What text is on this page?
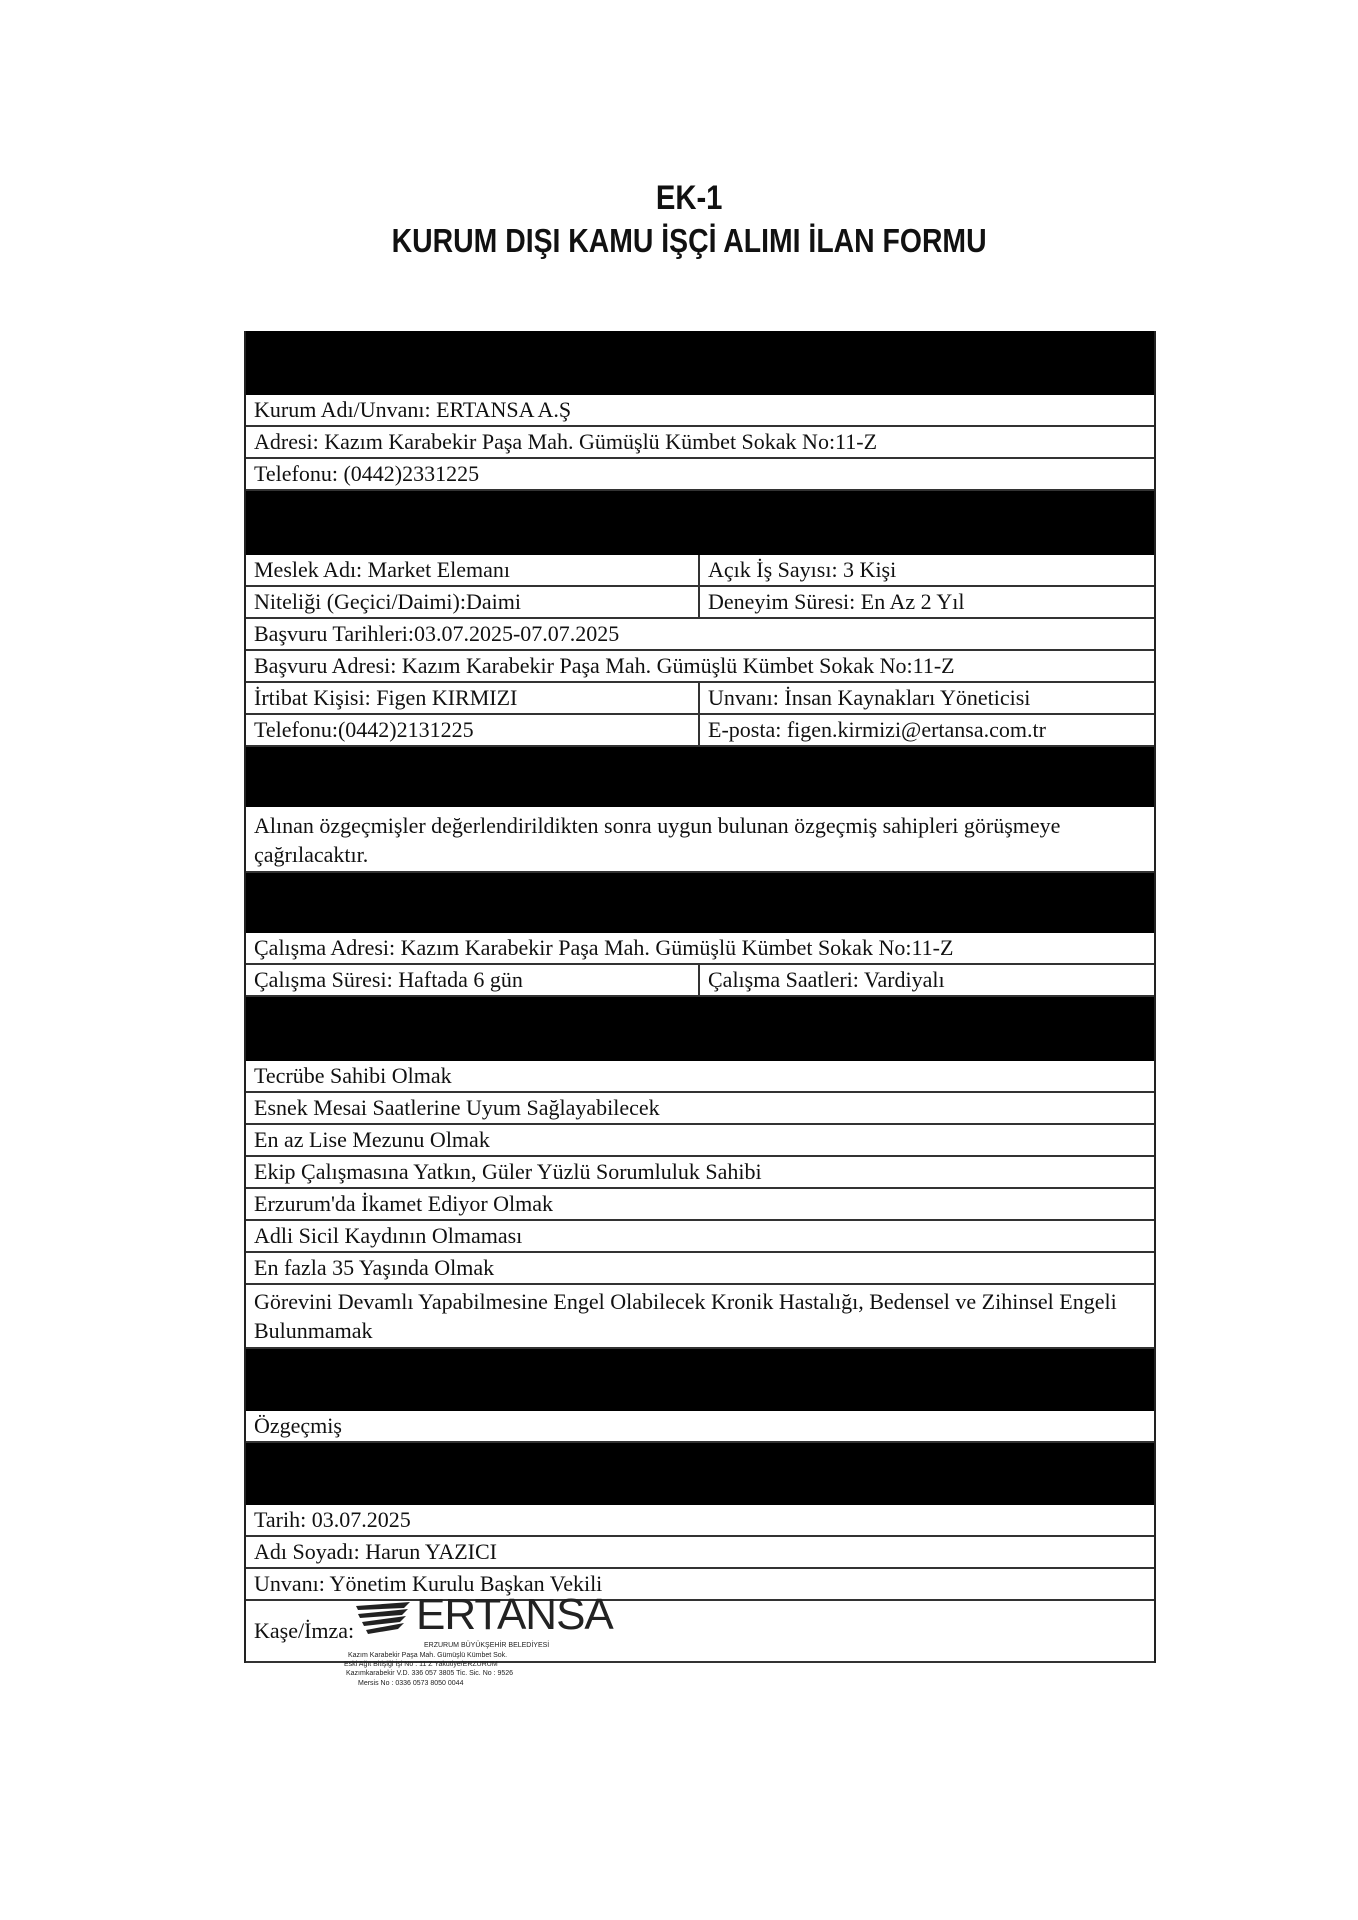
EK-1
KURUM DIŞI KAMU İŞÇİ ALIMI İLAN FORMU
Kurum Adı/Unvanı: ERTANSA A.Ş
Adresi: Kazım Karabekir Paşa Mah. Gümüşlü Kümbet Sokak No:11-Z
Telefonu: (0442)2331225
Meslek Adı: Market Elemanı	Açık İş Sayısı: 3 Kişi
Niteliği (Geçici/Daimi):Daimi	Deneyim Süresi: En Az 2 Yıl
Başvuru Tarihleri:03.07.2025-07.07.2025
Başvuru Adresi: Kazım Karabekir Paşa Mah. Gümüşlü Kümbet Sokak No:11-Z
İrtibat Kişisi: Figen KIRMIZI	Unvanı: İnsan Kaynakları Yöneticisi
Telefonu:(0442)2131225	E-posta: figen.kirmizi@ertansa.com.tr
Alınan özgeçmişler değerlendirildikten sonra uygun bulunan özgeçmiş sahipleri görüşmeye çağrılacaktır.
Çalışma Adresi: Kazım Karabekir Paşa Mah. Gümüşlü Kümbet Sokak No:11-Z
Çalışma Süresi: Haftada 6 gün	Çalışma Saatleri: Vardiyalı
Tecrübe Sahibi Olmak
Esnek Mesai Saatlerine Uyum Sağlayabilecek
En az Lise Mezunu Olmak
Ekip Çalışmasına Yatkın, Güler Yüzlü Sorumluluk Sahibi
Erzurum'da İkamet Ediyor Olmak
Adli Sicil Kaydının Olmaması
En fazla 35 Yaşında Olmak
Görevini Devamlı Yapabilmesine Engel Olabilecek Kronik Hastalığı, Bedensel ve Zihinsel Engeli Bulunmamak
Özgeçmiş
Tarih: 03.07.2025
Adı Soyadı: Harun YAZICI
Unvanı: Yönetim Kurulu Başkan Vekili
Kaşe/İmza:	ERTANSA
ERZURUM BÜYÜKŞEHİR BELEDİYESİ
Kazım Karabekir Paşa Mah. Gümüşlü Kümbet Sok.
Eski Ağıt Bitişiği İşi No : 11 Z Yakutiye/ERZURUM
Kazımkarabekir V.D. 336 057 3805 Tic. Sic. No : 9526
Mersis No : 0336 0573 8050 0044
